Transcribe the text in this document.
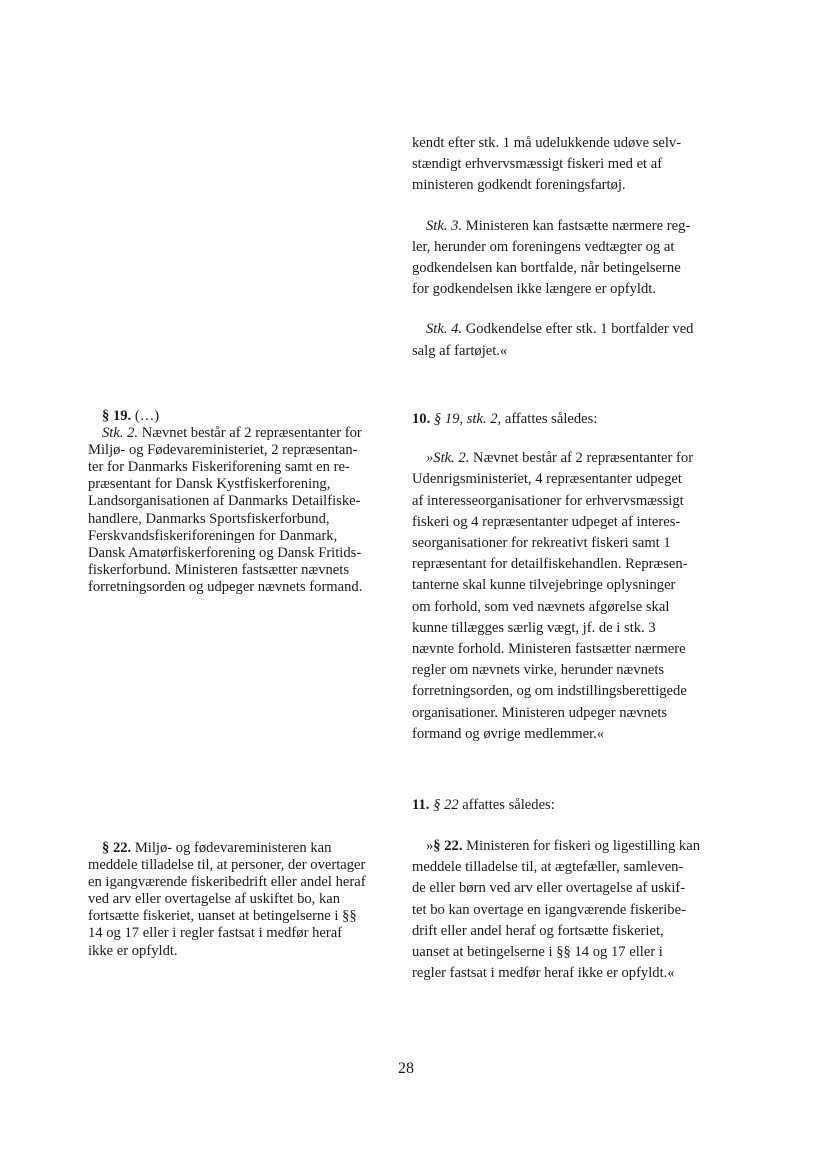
kendt efter stk. 1 må udelukkende udøve selv-
stændigt erhvervsmæssigt fiskeri med et af
ministeren godkendt foreningsfartøj.
Stk. 3. Ministeren kan fastsætte nærmere reg-
ler, herunder om foreningens vedtægter og at
godkendelsen kan bortfalde, når betingelserne
for godkendelsen ikke længere er opfyldt.
Stk. 4. Godkendelse efter stk. 1 bortfalder ved
salg af fartøjet.«
§ 19. (…)
Stk. 2. Nævnet består af 2 repræsentanter for
Miljø- og Fødevareministeriet, 2 repræsentan-
ter for Danmarks Fiskeriforening samt en re-
præsentant for Dansk Kystfiskerforening,
Landsorganisationen af Danmarks Detailfiske-
handlere, Danmarks Sportsfiskerforbund,
Ferskvandsfiskeriforeningen for Danmark,
Dansk Amatørfiskerforening og Dansk Fritids-
fiskerforbund. Ministeren fastsætter nævnets
forretningsorden og udpeger nævnets formand.
10. § 19, stk. 2, affattes således:
»Stk. 2. Nævnet består af 2 repræsentanter for
Udenrigsministeriet, 4 repræsentanter udpeget
af interesseorganisationer for erhvervsmæssigt
fiskeri og 4 repræsentanter udpeget af interes-
seorganisationer for rekreativt fiskeri samt 1
repræsentant for detailfiskehandlen. Repræsen-
tanterne skal kunne tilvejebringe oplysninger
om forhold, som ved nævnets afgørelse skal
kunne tillægges særlig vægt, jf. de i stk. 3
nævnte forhold. Ministeren fastsætter nærmere
regler om nævnets virke, herunder nævnets
forretningsorden, og om indstillingsberettigede
organisationer. Ministeren udpeger nævnets
formand og øvrige medlemmer.«
11. § 22 affattes således:
§ 22. Miljø- og fødevareministeren kan
meddele tilladelse til, at personer, der overtager
en igangværende fiskeribedrift eller andel heraf
ved arv eller overtagelse af uskiftet bo, kan
fortsætte fiskeriet, uanset at betingelserne i §§
14 og 17 eller i regler fastsat i medfør heraf
ikke er opfyldt.
»§ 22. Ministeren for fiskeri og ligestilling kan
meddele tilladelse til, at ægtefæller, samleven-
de eller børn ved arv eller overtagelse af uskif-
tet bo kan overtage en igangværende fiskeribe-
drift eller andel heraf og fortsætte fiskeriet,
uanset at betingelserne i §§ 14 og 17 eller i
regler fastsat i medfør heraf ikke er opfyldt.«
28
